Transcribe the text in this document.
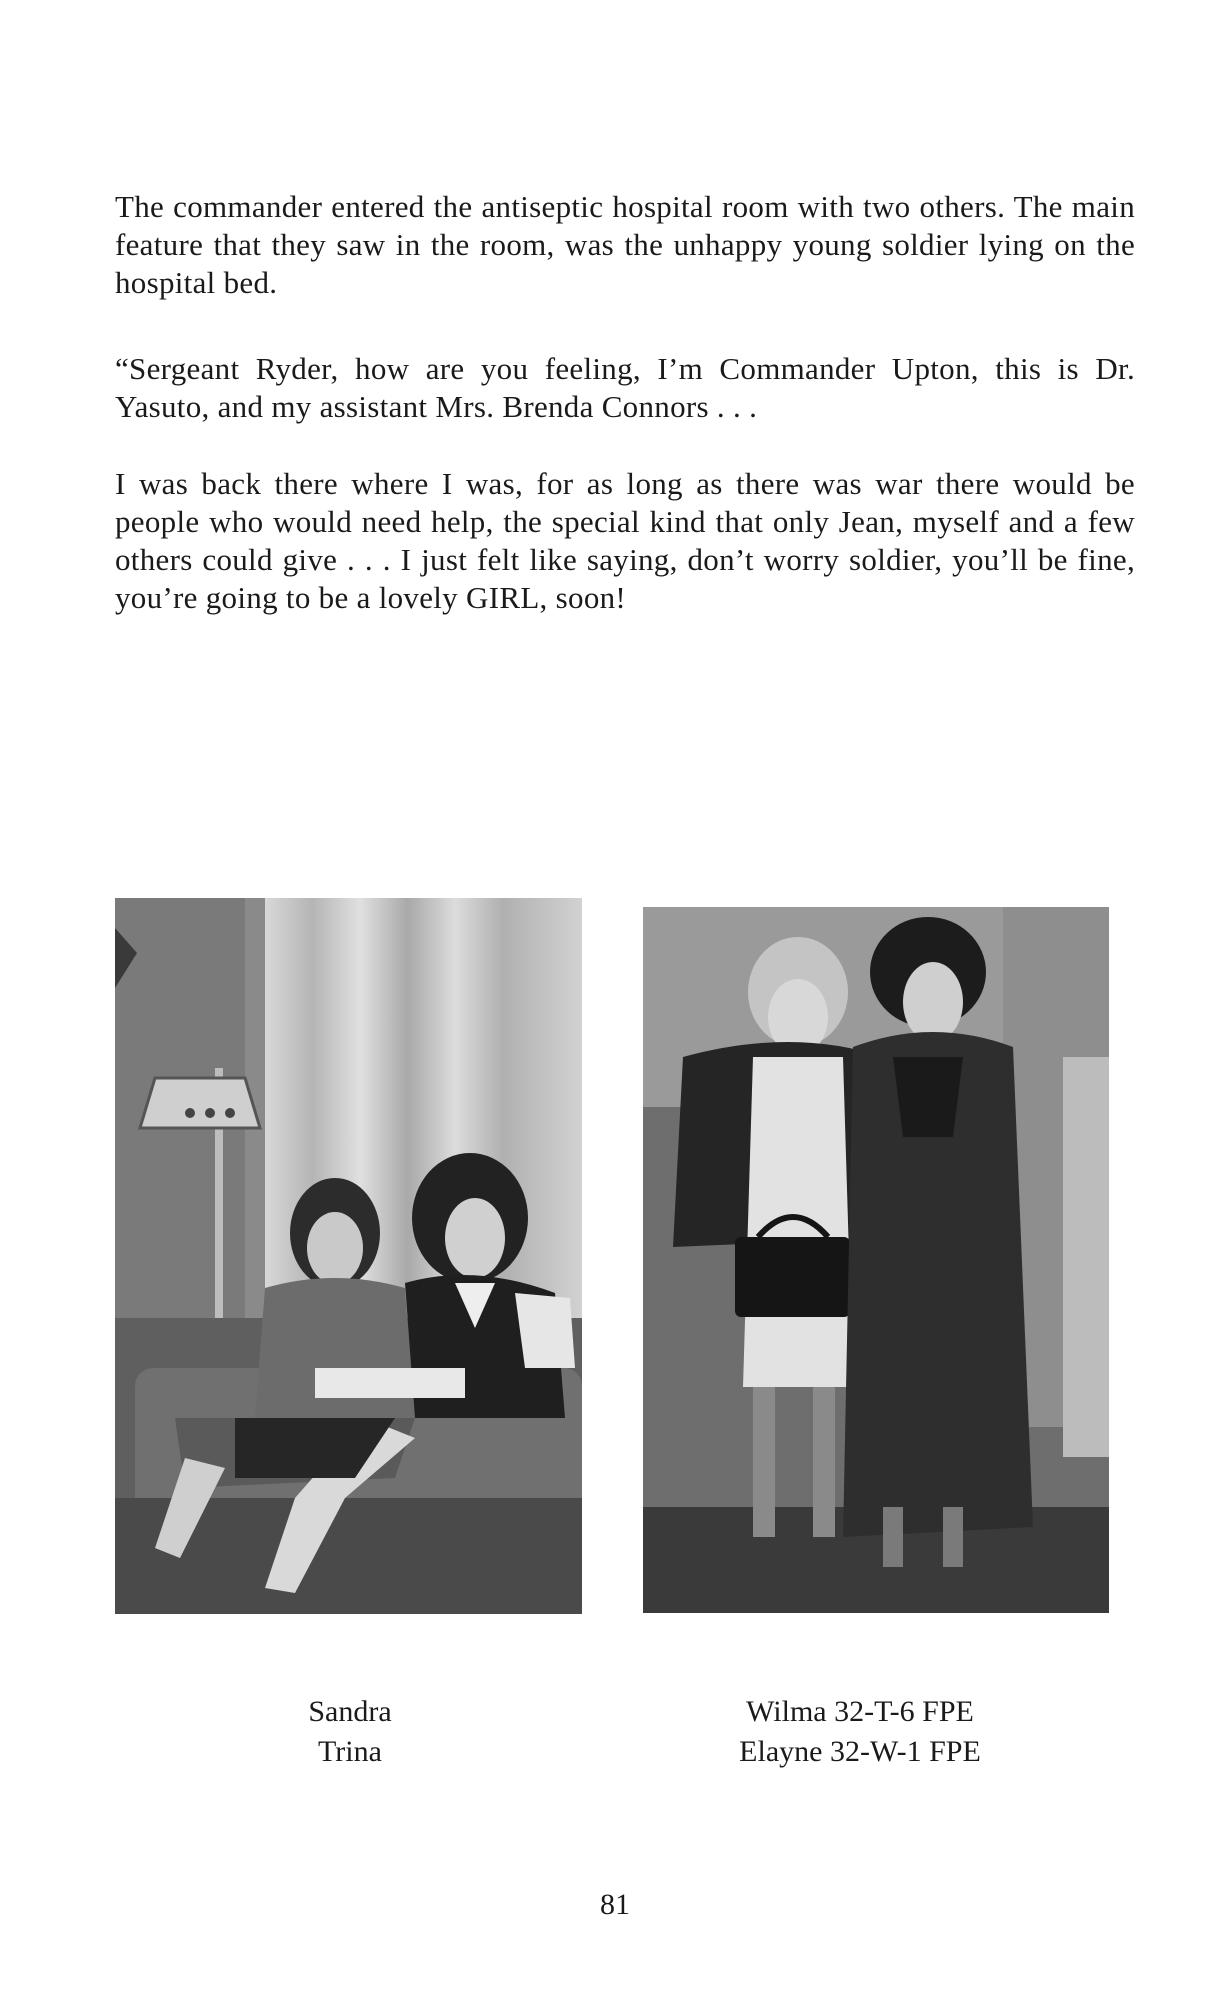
The commander entered the antiseptic hospital room with two others. The main feature that they saw in the room, was the unhappy young soldier lying on the hospital bed.

“Sergeant Ryder, how are you feeling, I’m Commander Upton, this is Dr. Yasuto, and my assistant Mrs. Brenda Connors . . .

I was back there where I was, for as long as there was war there would be people who would need help, the special kind that only Jean, myself and a few others could give . . . I just felt like saying, don’t worry soldier, you’ll be fine, you’re going to be a lovely GIRL, soon!

Sandra
Trina
Wilma 32-T-6 FPE
Elayne 32-W-1 FPE
81
